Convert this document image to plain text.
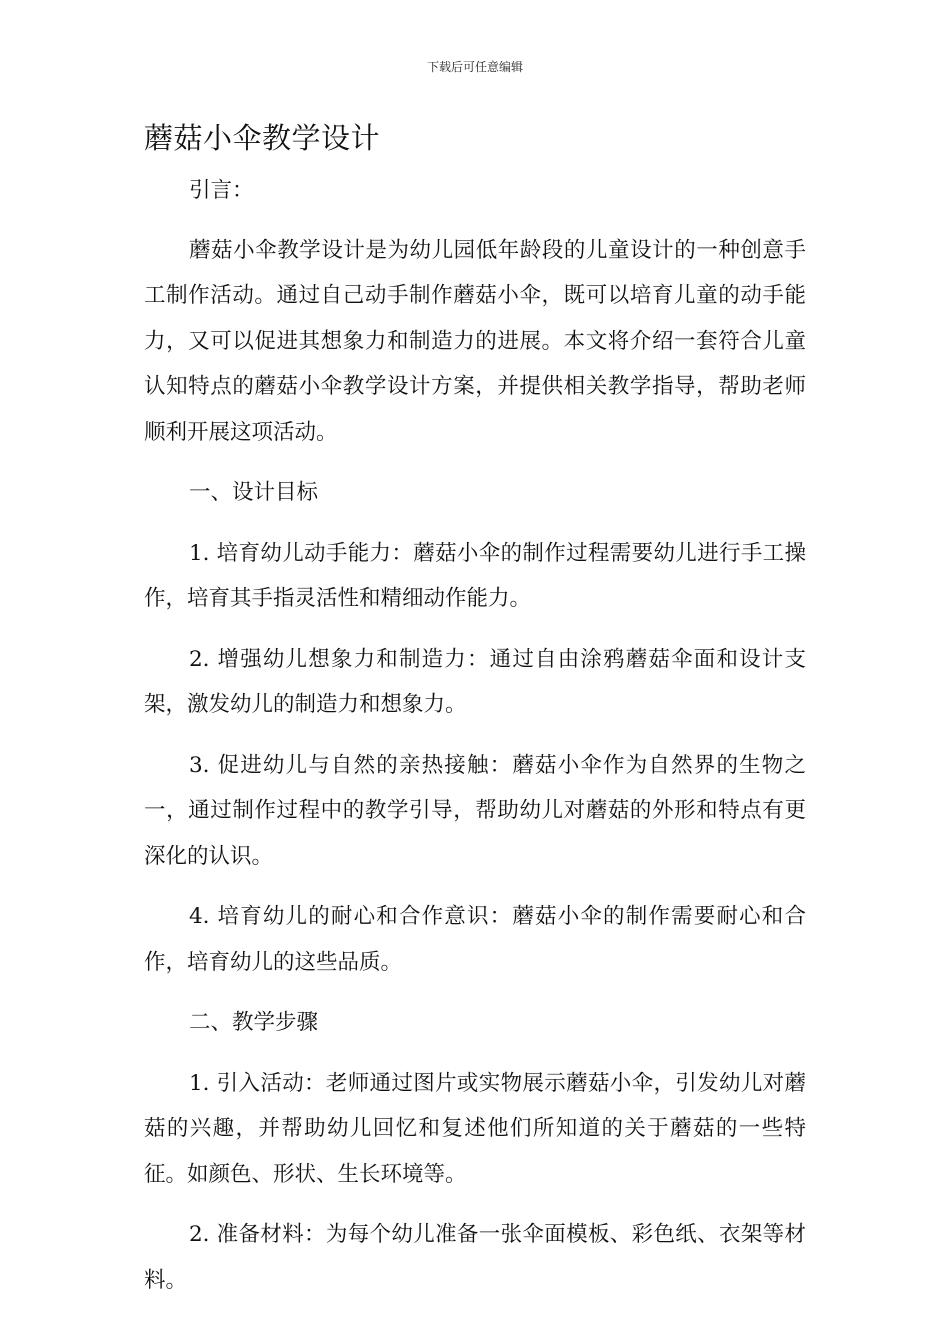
下载后可任意编辑
蘑菇小伞教学设计

引言：

蘑菇小伞教学设计是为幼儿园低年龄段的儿童设计的一种创意手工制作活动。通过自己动手制作蘑菇小伞，既可以培育儿童的动手能力，又可以促进其想象力和制造力的进展。本文将介绍一套符合儿童认知特点的蘑菇小伞教学设计方案，并提供相关教学指导，帮助老师顺利开展这项活动。

一、设计目标

1. 培育幼儿动手能力：蘑菇小伞的制作过程需要幼儿进行手工操作，培育其手指灵活性和精细动作能力。

2. 增强幼儿想象力和制造力：通过自由涂鸦蘑菇伞面和设计支架，激发幼儿的制造力和想象力。

3. 促进幼儿与自然的亲热接触：蘑菇小伞作为自然界的生物之一，通过制作过程中的教学引导，帮助幼儿对蘑菇的外形和特点有更深化的认识。

4. 培育幼儿的耐心和合作意识：蘑菇小伞的制作需要耐心和合作，培育幼儿的这些品质。

二、教学步骤

1. 引入活动：老师通过图片或实物展示蘑菇小伞，引发幼儿对蘑菇的兴趣，并帮助幼儿回忆和复述他们所知道的关于蘑菇的一些特征。如颜色、形状、生长环境等。

2. 准备材料：为每个幼儿准备一张伞面模板、彩色纸、衣架等材料。
